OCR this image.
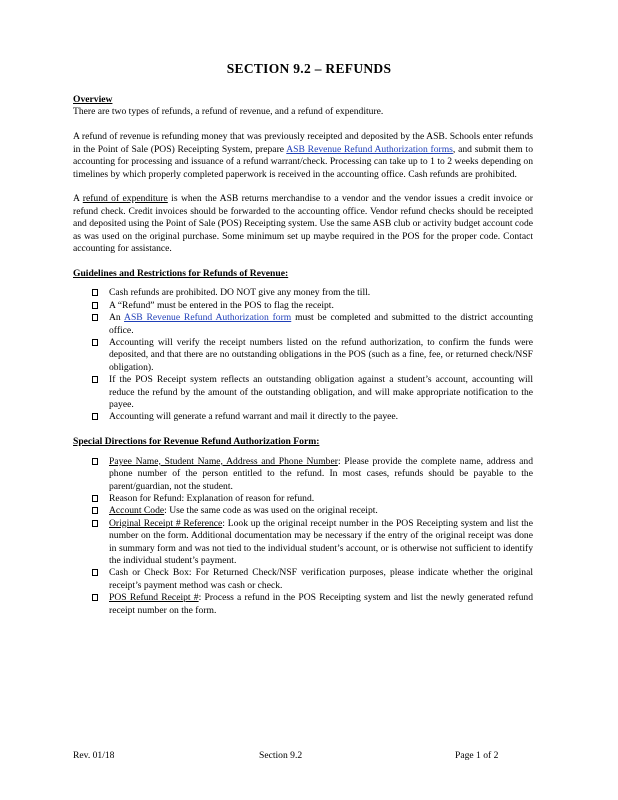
SECTION 9.2 – REFUNDS

Overview

There are two types of refunds, a refund of revenue, and a refund of expenditure.

A refund of revenue is refunding money that was previously receipted and deposited by the ASB. Schools enter refunds in the Point of Sale (POS) Receipting System, prepare ASB Revenue Refund Authorization forms, and submit them to accounting for processing and issuance of a refund warrant/check. Processing can take up to 1 to 2 weeks depending on timelines by which properly completed paperwork is received in the accounting office. Cash refunds are prohibited.

A refund of expenditure is when the ASB returns merchandise to a vendor and the vendor issues a credit invoice or refund check. Credit invoices should be forwarded to the accounting office. Vendor refund checks should be receipted and deposited using the Point of Sale (POS) Receipting system. Use the same ASB club or activity budget account code as was used on the original purchase. Some minimum set up maybe required in the POS for the proper code. Contact accounting for assistance.

Guidelines and Restrictions for Refunds of Revenue:

Cash refunds are prohibited. DO NOT give any money from the till.
A “Refund” must be entered in the POS to flag the receipt.
An ASB Revenue Refund Authorization form must be completed and submitted to the district accounting office.
Accounting will verify the receipt numbers listed on the refund authorization, to confirm the funds were deposited, and that there are no outstanding obligations in the POS (such as a fine, fee, or returned check/NSF obligation).
If the POS Receipt system reflects an outstanding obligation against a student’s account, accounting will reduce the refund by the amount of the outstanding obligation, and will make appropriate notification to the payee.
Accounting will generate a refund warrant and mail it directly to the payee.

Special Directions for Revenue Refund Authorization Form:

Payee Name, Student Name, Address and Phone Number: Please provide the complete name, address and phone number of the person entitled to the refund. In most cases, refunds should be payable to the parent/guardian, not the student.
Reason for Refund: Explanation of reason for refund.
Account Code: Use the same code as was used on the original receipt.
Original Receipt # Reference: Look up the original receipt number in the POS Receipting system and list the number on the form. Additional documentation may be necessary if the entry of the original receipt was done in summary form and was not tied to the individual student’s account, or is otherwise not sufficient to identify the individual student’s payment.
Cash or Check Box: For Returned Check/NSF verification purposes, please indicate whether the original receipt’s payment method was cash or check.
POS Refund Receipt #: Process a refund in the POS Receipting system and list the newly generated refund receipt number on the form.
Rev. 01/18	Section 9.2	Page 1 of 2
